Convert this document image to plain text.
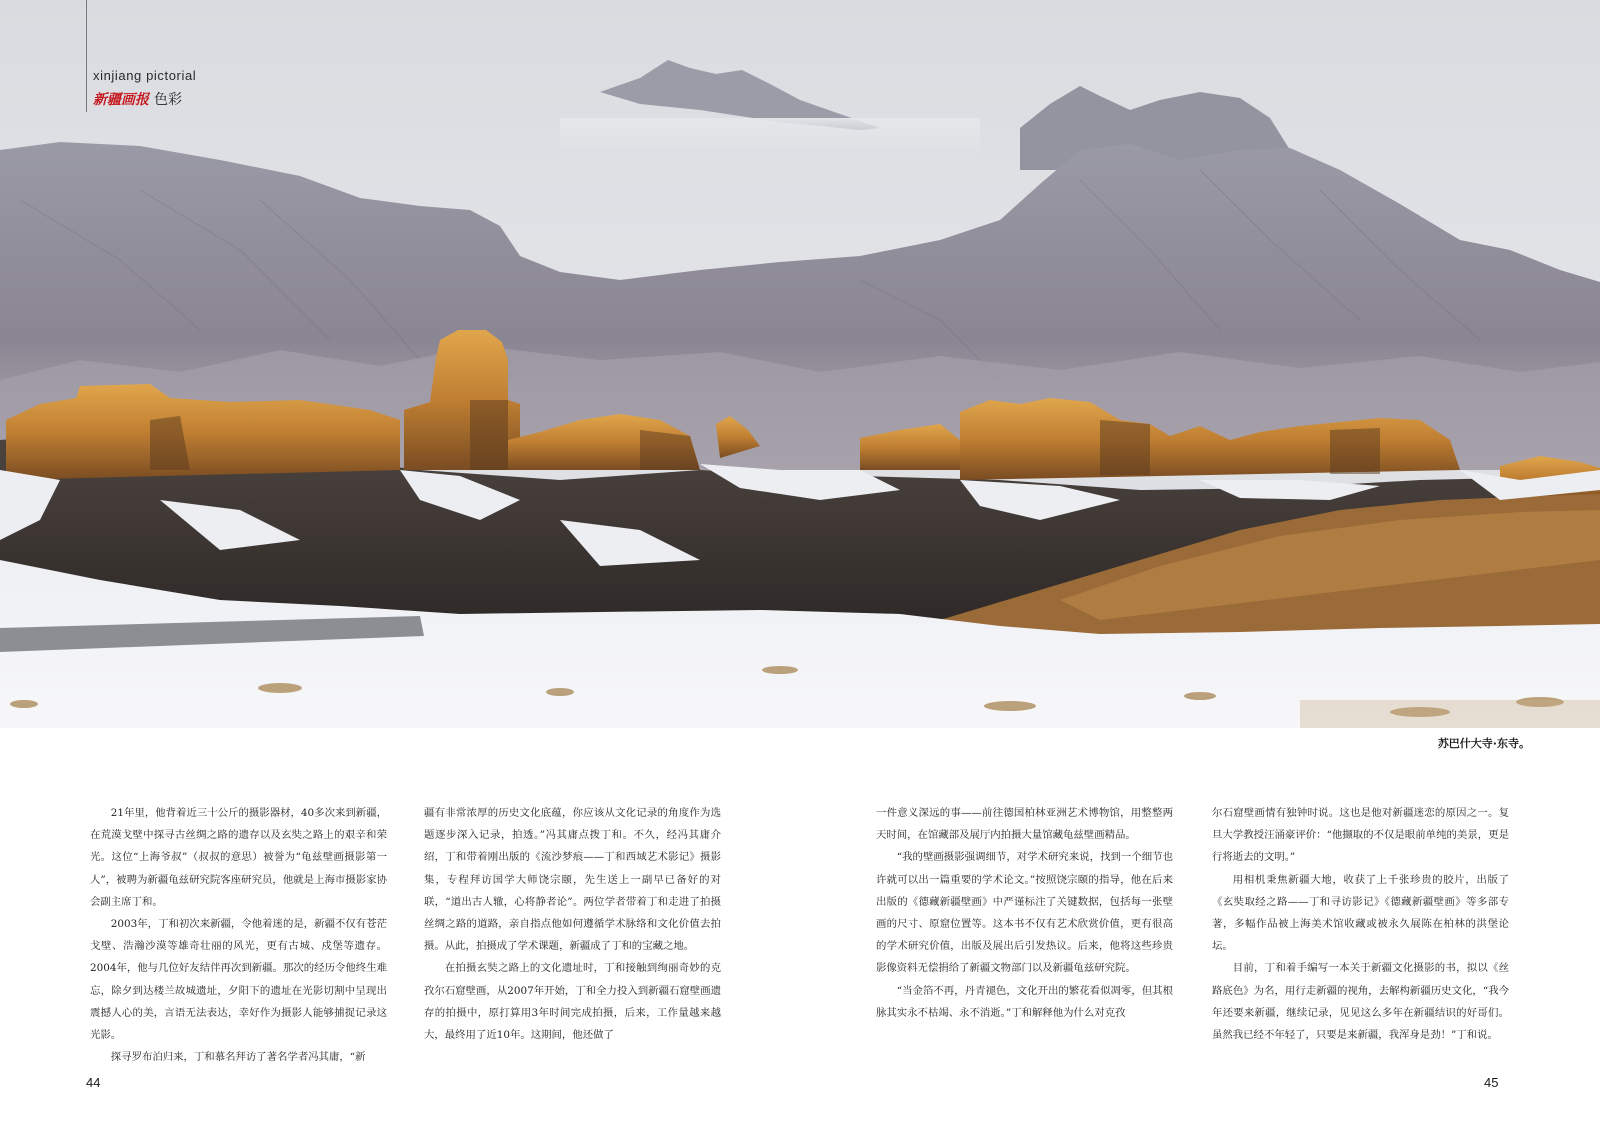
xinjiang pictorial
新疆画报 色彩
苏巴什大寺·东寺。

21年里，他背着近三十公斤的摄影器材，40多次来到新疆，在荒漠戈壁中探寻古丝绸之路的遗存以及玄奘之路上的艰辛和荣光。这位“上海爷叔”（叔叔的意思）被誉为“龟兹壁画摄影第一人”，被聘为新疆龟兹研究院客座研究员，他就是上海市摄影家协会副主席丁和。

2003年，丁和初次来新疆，令他着迷的是，新疆不仅有苍茫戈壁、浩瀚沙漠等雄奇壮丽的风光，更有古城、戍堡等遗存。2004年，他与几位好友结伴再次到新疆。那次的经历令他终生难忘，除夕到达楼兰故城遗址，夕阳下的遗址在光影切割中呈现出震撼人心的美，言语无法表达，幸好作为摄影人能够捕捉记录这光影。

探寻罗布泊归来，丁和慕名拜访了著名学者冯其庸，“新

疆有非常浓厚的历史文化底蕴，你应该从文化记录的角度作为选题逐步深入记录，拍透。”冯其庸点拨丁和。不久，经冯其庸介绍，丁和带着刚出版的《流沙梦痕——丁和西域艺术影记》摄影集，专程拜访国学大师饶宗颐，先生送上一副早已备好的对联，“道出古人辙，心将静者论”。两位学者带着丁和走进了拍摄丝绸之路的道路，亲自指点他如何遵循学术脉络和文化价值去拍摄。从此，拍摄成了学术课题，新疆成了丁和的宝藏之地。

在拍摄玄奘之路上的文化遗址时，丁和接触到绚丽奇妙的克孜尔石窟壁画，从2007年开始，丁和全力投入到新疆石窟壁画遗存的拍摄中，原打算用3年时间完成拍摄，后来，工作量越来越大，最终用了近10年。这期间，他还做了

一件意义深远的事——前往德国柏林亚洲艺术博物馆，用整整两天时间，在馆藏部及展厅内拍摄大量馆藏龟兹壁画精品。

“我的壁画摄影强调细节，对学术研究来说，找到一个细节也许就可以出一篇重要的学术论文。”按照饶宗颐的指导，他在后来出版的《德藏新疆壁画》中严谨标注了关键数据，包括每一张壁画的尺寸、原窟位置等。这本书不仅有艺术欣赏价值，更有很高的学术研究价值，出版及展出后引发热议。后来，他将这些珍贵影像资料无偿捐给了新疆文物部门以及新疆龟兹研究院。

“当金箔不再，丹青褪色，文化开出的繁花看似凋零，但其根脉其实永不枯竭、永不消逝。”丁和解释他为什么对克孜

尔石窟壁画情有独钟时说。这也是他对新疆迷恋的原因之一。复旦大学教授汪涌豪评价：“他撷取的不仅是眼前单纯的美景，更是行将逝去的文明。”

用相机秉焦新疆大地，收获了上千张珍贵的胶片，出版了《玄奘取经之路——丁和寻访影记》《德藏新疆壁画》等多部专著，多幅作品被上海美术馆收藏或被永久展陈在柏林的洪堡论坛。

目前，丁和着手编写一本关于新疆文化摄影的书，拟以《丝路底色》为名，用行走新疆的视角，去解构新疆历史文化，“我今年还要来新疆，继续记录，见见这么多年在新疆结识的好哥们。虽然我已经不年轻了，只要是来新疆，我浑身是劲！”丁和说。

44	45
